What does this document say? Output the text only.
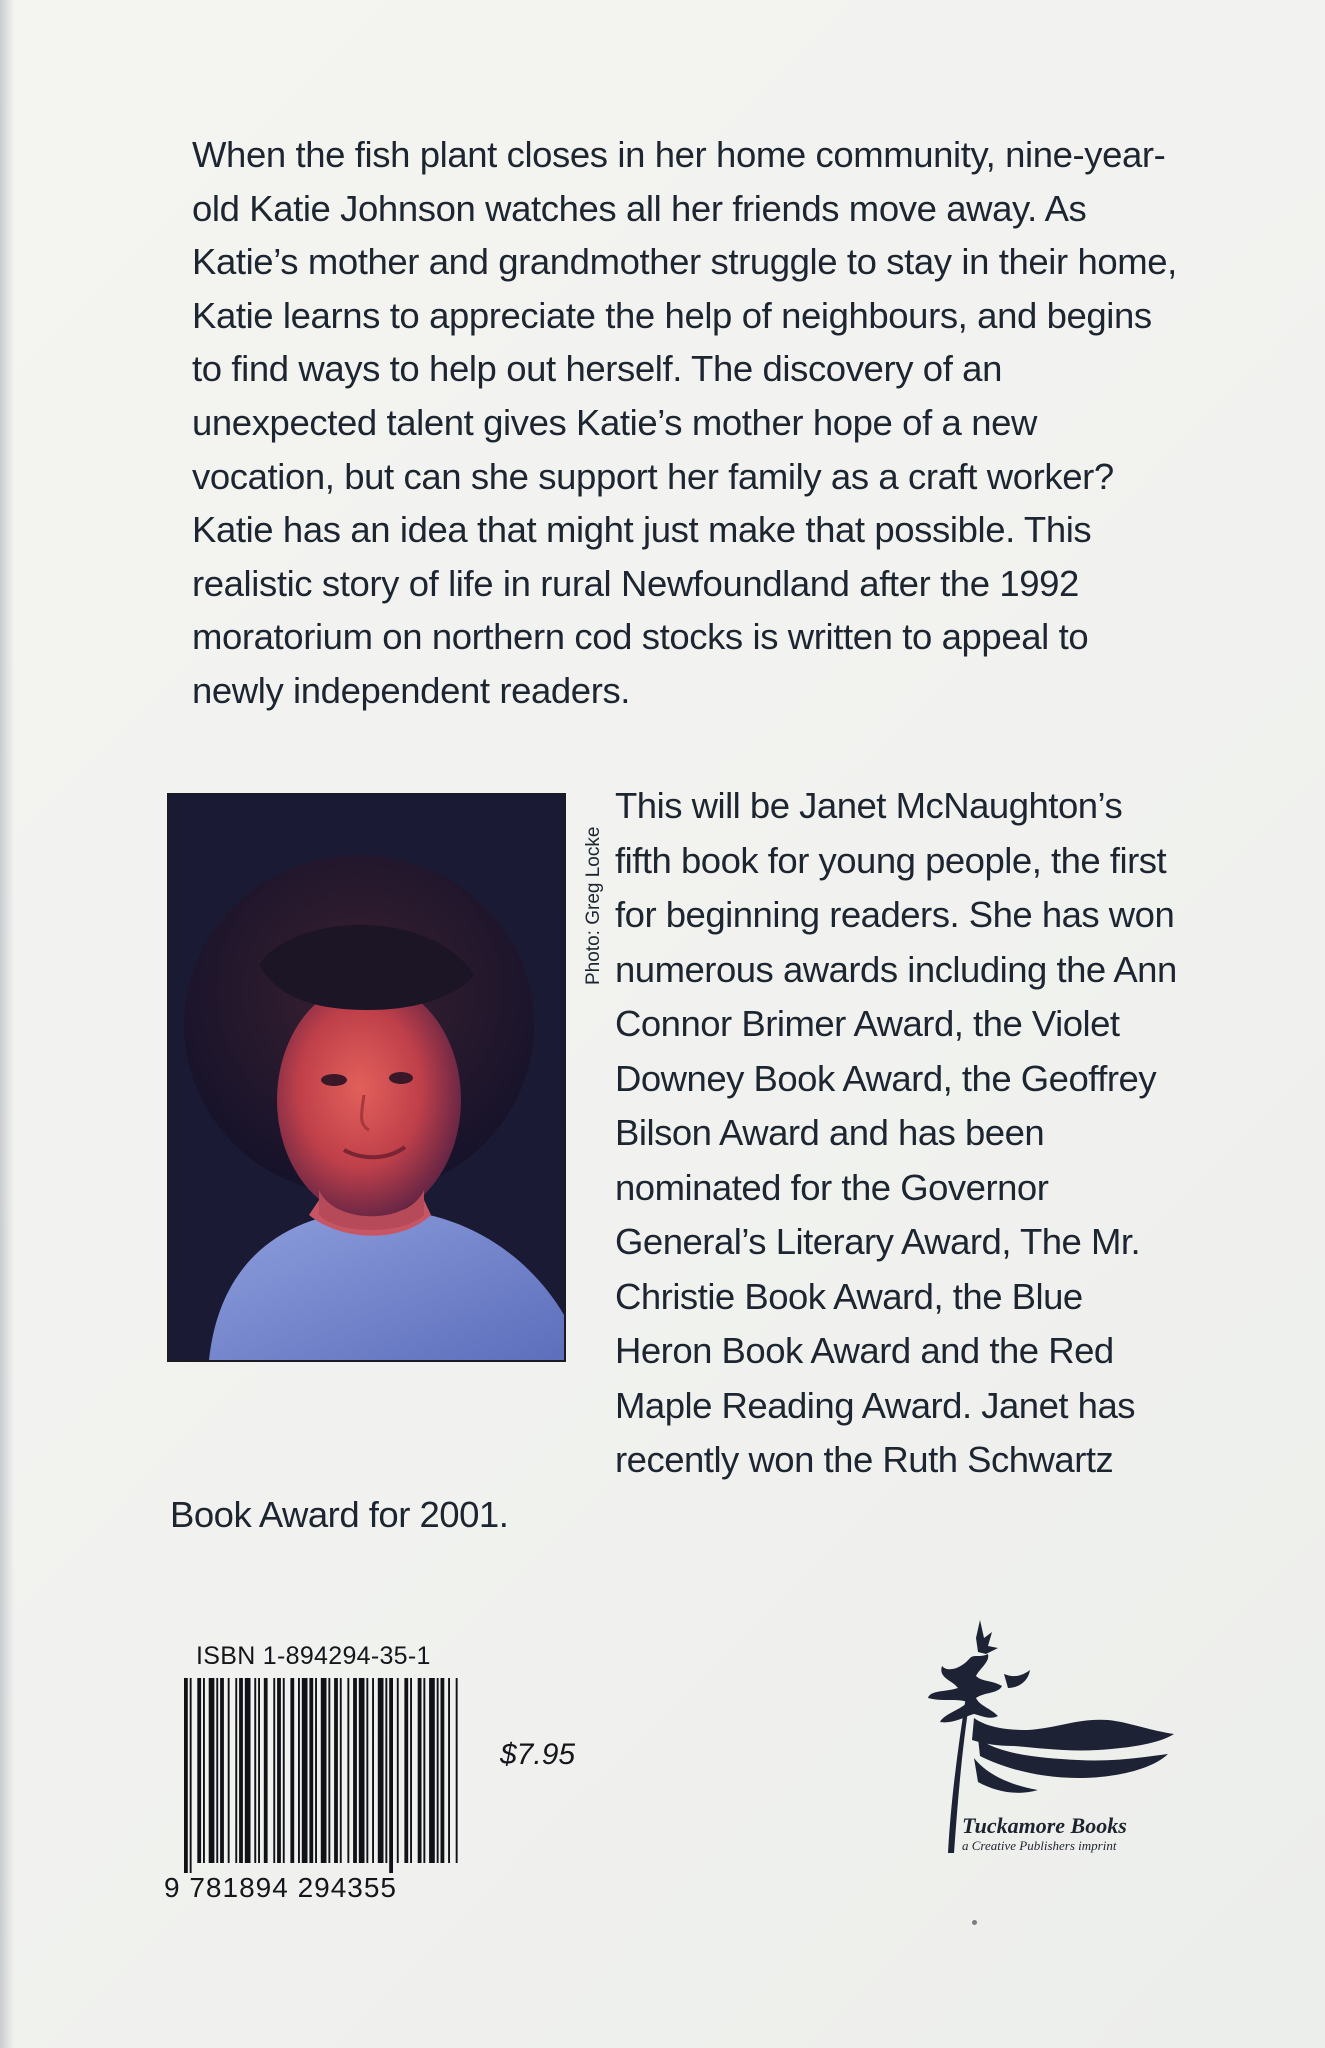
When the fish plant closes in her home community, nine-year-old Katie Johnson watches all her friends move away. As Katie’s mother and grandmother struggle to stay in their home, Katie learns to appreciate the help of neighbours, and begins to find ways to help out herself. The discovery of an unexpected talent gives Katie’s mother hope of a new vocation, but can she support her family as a craft worker? Katie has an idea that might just make that possible. This realistic story of life in rural Newfoundland after the 1992 moratorium on northern cod stocks is written to appeal to newly independent readers.

Photo: Greg Locke

This will be Janet McNaughton’s fifth book for young people, the first for beginning readers. She has won numerous awards including the Ann Connor Brimer Award, the Violet Downey Book Award, the Geoffrey Bilson Award and has been nominated for the Governor General’s Literary Award, The Mr. Christie Book Award, the Blue Heron Book Award and the Red Maple Reading Award. Janet has recently won the Ruth Schwartz Book Award for 2001.

ISBN 1-894294-35-1
9 781894 294355
$7.95
Tuckamore Books
a Creative Publishers imprint
